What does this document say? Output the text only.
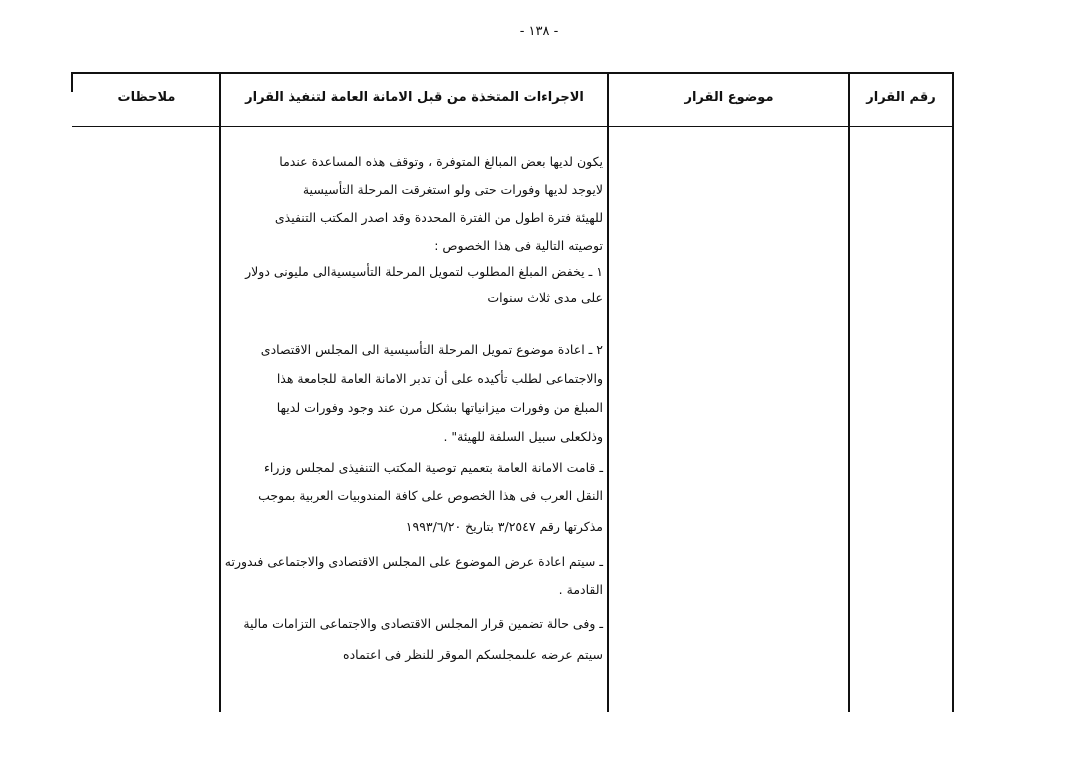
- ١٣٨ -
رقم القرار
موضوع القرار
الاجراءات المتخذة من قبل الامانة العامة لتنفيذ القرار
ملاحظات
يكون لديها بعض المبالغ المتوفرة ، وتوقف هذه المساعدة عندما
لايوجد لديها وفورات حتى ولو استغرقت المرحلة التأسيسية
للهيئة فترة اطول من الفترة المحددة وقد اصدر المكتب التنفيذى
توصيته التالية فى هذا الخصوص :
١ ـ يخفض المبلغ المطلوب لتمويل المرحلة التأسيسيةالى مليونى دولار
على مدى ثلاث سنوات
٢ ـ اعادة موضوع تمويل المرحلة التأسيسية الى المجلس الاقتصادى
والاجتماعى لطلب تأكيده على أن تدبر الامانة العامة للجامعة هذا
المبلغ من وفورات ميزانياتها بشكل مرن عند وجود وفورات لديها
وذلكعلى سبيل السلفة للهيئة" .
ـ قامت الامانة العامة بتعميم توصية المكتب التنفيذى لمجلس وزراء
النقل العرب فى هذا الخصوص على كافة المندوبيات العربية بموجب
مذكرتها رقم ٣/٢٥٤٧ بتاريخ ١٩٩٣/٦/٢٠
ـ سيتم اعادة عرض الموضوع على المجلس الاقتصادى والاجتماعى فىدورته
القادمة .
ـ وفى حالة تضمين قرار المجلس الاقتصادى والاجتماعى التزامات مالية
سيتم عرضه علىمجلسكم الموقر للنظر فى اعتماده
